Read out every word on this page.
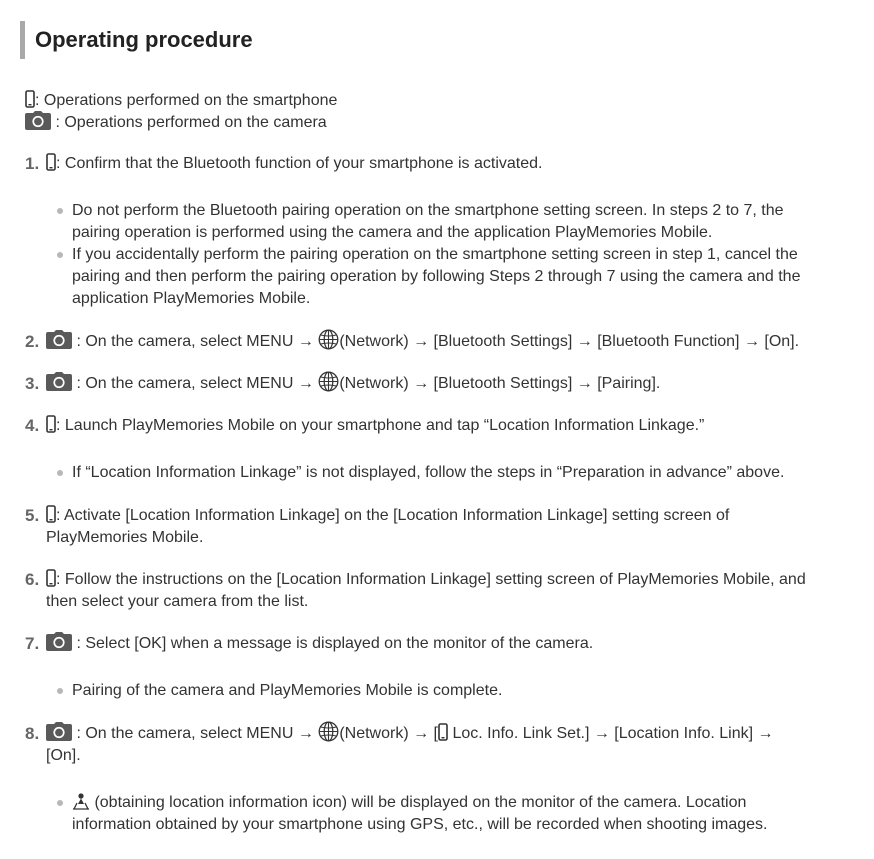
Operating procedure
: Operations performed on the smartphone
: Operations performed on the camera
1.	: Confirm that the Bluetooth function of your smartphone is activated.
Do not perform the Bluetooth pairing operation on the smartphone setting screen. In steps 2 to 7, the pairing operation is performed using the camera and the application PlayMemories Mobile.
If you accidentally perform the pairing operation on the smartphone setting screen in step 1, cancel the pairing and then perform the pairing operation by following Steps 2 through 7 using the camera and the application PlayMemories Mobile.
2.	: On the camera, select MENU → (Network) → [Bluetooth Settings] → [Bluetooth Function] → [On].
3.	: On the camera, select MENU → (Network) → [Bluetooth Settings] → [Pairing].
4.	: Launch PlayMemories Mobile on your smartphone and tap “Location Information Linkage.”
If “Location Information Linkage” is not displayed, follow the steps in “Preparation in advance” above.
5.	: Activate [Location Information Linkage] on the [Location Information Linkage] setting screen of PlayMemories Mobile.
6.	: Follow the instructions on the [Location Information Linkage] setting screen of PlayMemories Mobile, and then select your camera from the list.
7.	: Select [OK] when a message is displayed on the monitor of the camera.
Pairing of the camera and PlayMemories Mobile is complete.
8.	: On the camera, select MENU → (Network) → [ Loc. Info. Link Set.] → [Location Info. Link] → [On].
(obtaining location information icon) will be displayed on the monitor of the camera. Location information obtained by your smartphone using GPS, etc., will be recorded when shooting images.
